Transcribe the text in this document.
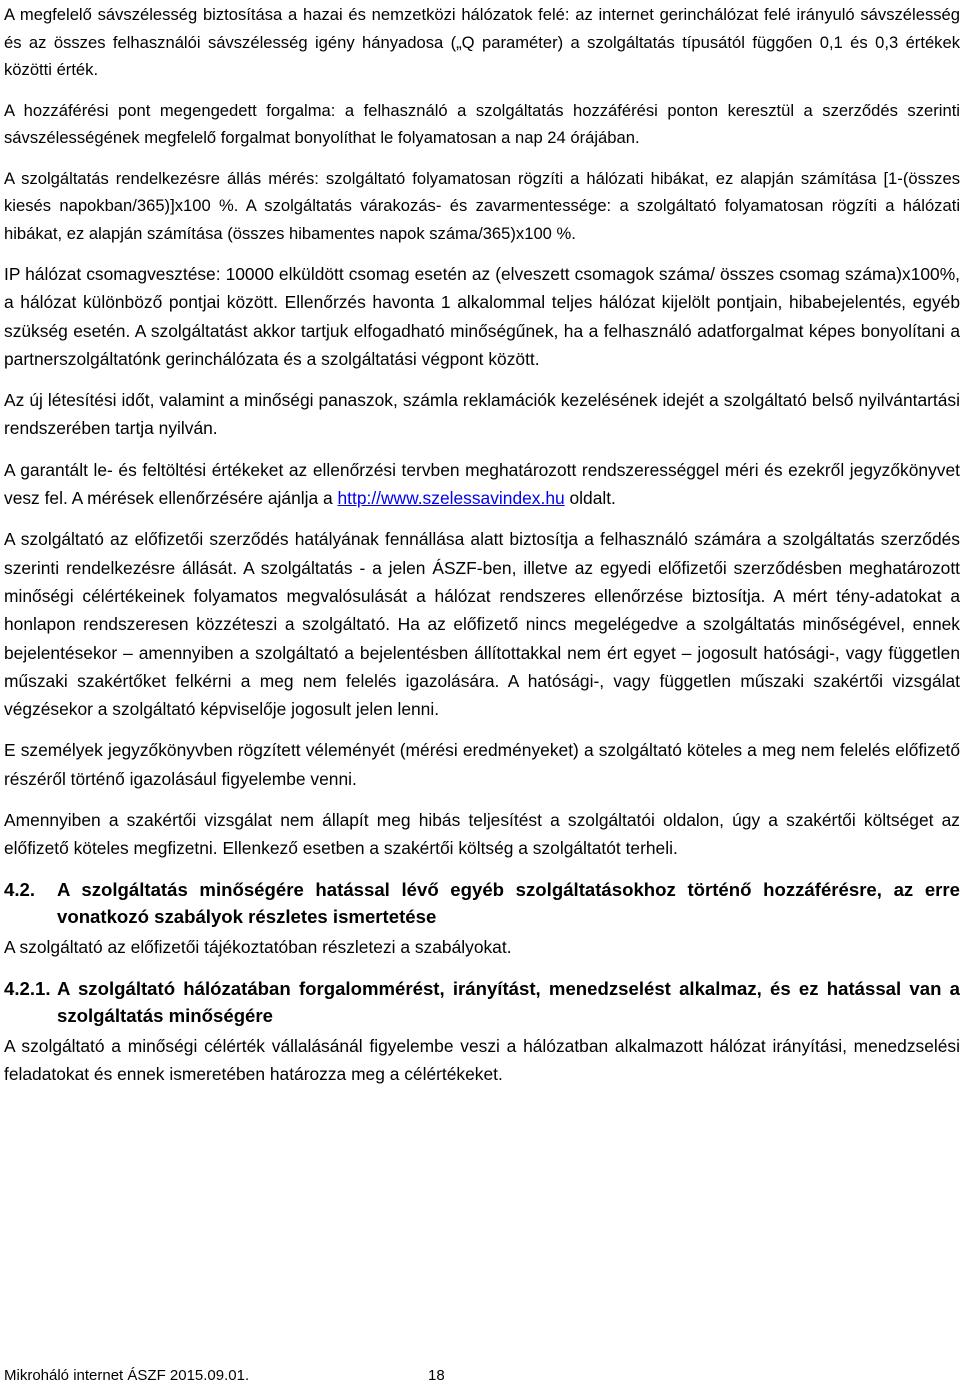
A megfelelő sávszélesség biztosítása a hazai és nemzetközi hálózatok felé: az internet gerinchálózat felé irányuló sávszélesség és az összes felhasználói sávszélesség igény hányadosa („Q paraméter) a szolgáltatás típusától függően 0,1 és 0,3 értékek közötti érték.

A hozzáférési pont megengedett forgalma: a felhasználó a szolgáltatás hozzáférési ponton keresztül a szerződés szerinti sávszélességének megfelelő forgalmat bonyolíthat le folyamatosan a nap 24 órájában.

A szolgáltatás rendelkezésre állás mérés: szolgáltató folyamatosan rögzíti a hálózati hibákat, ez alapján számítása [1-(összes kiesés napokban/365)]x100 %. A szolgáltatás várakozás- és zavarmentessége: a szolgáltató folyamatosan rögzíti a hálózati hibákat, ez alapján számítása (összes hibamentes napok száma/365)x100 %.

IP hálózat csomagvesztése: 10000 elküldött csomag esetén az (elveszett csomagok száma/ összes csomag száma)x100%, a hálózat különböző pontjai között. Ellenőrzés havonta 1 alkalommal teljes hálózat kijelölt pontjain, hibabejelentés, egyéb szükség esetén. A szolgáltatást akkor tartjuk elfogadható minőségűnek, ha a felhasználó adatforgalmat képes bonyolítani a partnerszolgáltatónk gerinchálózata és a szolgáltatási végpont között.

Az új létesítési időt, valamint a minőségi panaszok, számla reklamációk kezelésének idejét a szolgáltató belső nyilvántartási rendszerében tartja nyilván.

A garantált le- és feltöltési értékeket az ellenőrzési tervben meghatározott rendszerességgel méri és ezekről jegyzőkönyvet vesz fel. A mérések ellenőrzésére ajánlja a http://www.szelessavindex.hu oldalt.

A szolgáltató az előfizetői szerződés hatályának fennállása alatt biztosítja a felhasználó számára a szolgáltatás szerződés szerinti rendelkezésre állását. A szolgáltatás - a jelen ÁSZF-ben, illetve az egyedi előfizetői szerződésben meghatározott minőségi célértékeinek folyamatos megvalósulását a hálózat rendszeres ellenőrzése biztosítja. A mért tény-adatokat a honlapon rendszeresen közzéteszi a szolgáltató. Ha az előfizető nincs megelégedve a szolgáltatás minőségével, ennek bejelentésekor – amennyiben a szolgáltató a bejelentésben állítottakkal nem ért egyet – jogosult hatósági-, vagy független műszaki szakértőket felkérni a meg nem felelés igazolására. A hatósági-, vagy független műszaki szakértői vizsgálat végzésekor a szolgáltató képviselője jogosult jelen lenni.

E személyek jegyzőkönyvben rögzített véleményét (mérési eredményeket) a szolgáltató köteles a meg nem felelés előfizető részéről történő igazolásául figyelembe venni.

Amennyiben a szakértői vizsgálat nem állapít meg hibás teljesítést a szolgáltatói oldalon, úgy a szakértői költséget az előfizető köteles megfizetni. Ellenkező esetben a szakértői költség a szolgáltatót terheli.

4.2. A szolgáltatás minőségére hatással lévő egyéb szolgáltatásokhoz történő hozzáférésre, az erre vonatkozó szabályok részletes ismertetése

A szolgáltató az előfizetői tájékoztatóban részletezi a szabályokat.

4.2.1. A szolgáltató hálózatában forgalommérést, irányítást, menedzselést alkalmaz, és ez hatással van a szolgáltatás minőségére

A szolgáltató a minőségi célérték vállalásánál figyelembe veszi a hálózatban alkalmazott hálózat irányítási, menedzselési feladatokat és ennek ismeretében határozza meg a célértékeket.

Mikroháló internet ÁSZF 2015.09.01.	18
